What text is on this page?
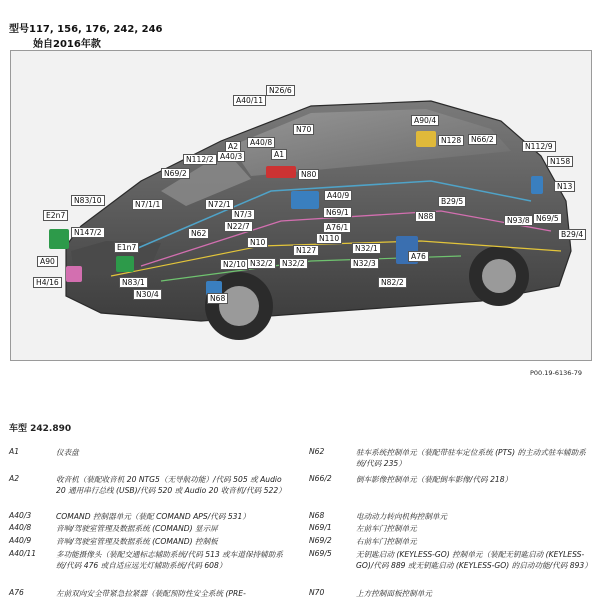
型号117, 156, 176, 242, 246
始自2016年款
N26/6
A40/11
N70
A90/4
N128	N66/2
A40/8	N112/9
A2
A40/3	A1
N158
N112/2
N69/2	N80
N13
N83/10	N72/1
A40/9
B29/5
N7/1/1
N7/3	N69/1	N88
E2n7
N147/2
N22/7	A76/1
N93/8 N69/5
B29/4
N62
N110
N10
N32/1
E1n7	N127
A90	N2/10	N32/2	N32/3
A76
N83/1
N32/2
H4/16
N30/4
N82/2
N68
P00.19-6136-79
车型 242.890
A1	仪表盘
A2	收音机（装配收音机 20 NTG5（无导航功能）/代码 505 或 Audio 20 通用串行总线 (USB)/代码 520 或 Audio 20 收音机/代码 522）
A40/3	COMAND 控制器单元（装配 COMAND APS/代码 531）
A40/8	音响/驾驶室管理及数据系统 (COMAND) 显示屏
A40/9	音响/驾驶室管理及数据系统 (COMAND) 控制板
A40/11	多功能摄像头（装配交通标志辅助系统/代码 513 或车道保持辅助系统/代码 476 或自适应远光灯辅助系统/代码 608）
A76	左前双向安全带紧急拉紧器（装配预防性安全系统 (PRE-
N62	驻车系统控制单元（装配带驻车定位系统 (PTS) 的主动式驻车辅助系统/代码 235）
N66/2	倒车影像控制单元（装配倒车影像/代码 218）
N68	电动动力转向机构控制单元
N69/1	左前车门控制单元
N69/2	右前车门控制单元
N69/5	无钥匙启动 (KEYLESS-GO) 控制单元（装配无钥匙启动 (KEYLESS-GO)/代码 889 或无钥匙启动 (KEYLESS-GO) 的启动功能/代码 893）
N70	上方控制面板控制单元
